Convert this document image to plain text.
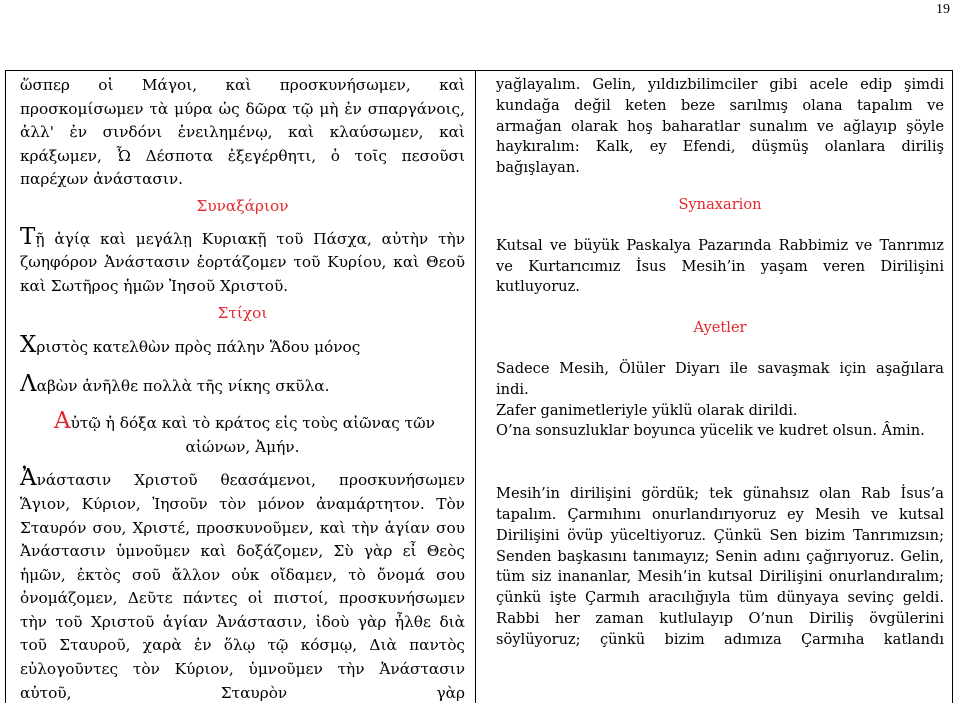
19

ὥσπερ οἱ Μάγοι, καὶ προσκυνήσωμεν, καὶ προσκομίσωμεν τὰ μύρα ὡς δῶρα τῷ μὴ ἐν σπαργάνοις, ἀλλ' ἐν σινδόνι ἐνειλημένῳ, καὶ κλαύσωμεν, καὶ κράξωμεν, Ὦ Δέσποτα ἐξεγέρθητι, ὁ τοῖς πεσοῦσι παρέχων ἀνάστασιν.

Συναξάριον

Τῇ ἁγίᾳ καὶ μεγάλῃ Κυριακῇ τοῦ Πάσχα, αὐτὴν τὴν ζωηφόρον Ἀνάστασιν ἑορτάζομεν τοῦ Κυρίου, καὶ Θεοῦ καὶ Σωτῆρος ἡμῶν Ἰησοῦ Χριστοῦ.

Στίχοι

Χριστὸς κατελθὼν πρὸς πάλην Ἅδου μόνος

Λαβὼν ἀνῆλθε πολλὰ τῆς νίκης σκῦλα.

Αὐτῷ ἡ δόξα καὶ τὸ κράτος εἰς τοὺς αἰῶνας τῶν

αἰώνων, Ἀμήν.

Ἀνάστασιν Χριστοῦ θεασάμενοι, προσκυνήσωμεν Ἅγιον, Κύριον, Ἰησοῦν τὸν μόνον ἀναμάρτητον. Τὸν Σταυρόν σου, Χριστέ, προσκυνοῦμεν, καὶ τὴν ἁγίαν σου Ἀνάστασιν ὑμνοῦμεν καὶ δοξάζομεν, Σὺ γὰρ εἶ Θεὸς ἡμῶν, ἐκτὸς σοῦ ἄλλον οὐκ οἴδαμεν, τὸ ὄνομά σου ὀνομάζομεν, Δεῦτε πάντες οἱ πιστοί, προσκυνήσωμεν τὴν τοῦ Χριστοῦ ἁγίαν Ἀνάστασιν, ἰδοὺ γὰρ ἦλθε διὰ τοῦ Σταυροῦ, χαρὰ ἐν ὅλῳ τῷ κόσμῳ, Διὰ παντὸς εὐλογοῦντες τὸν Κύριον, ὑμνοῦμεν τὴν Ἀνάστασιν αὐτοῦ, Σταυρὸν γὰρ

yağlayalım. Gelin, yıldızbilimciler gibi acele edip şimdi kundağa değil keten beze sarılmış olana tapalım ve armağan olarak hoş baharatlar sunalım ve ağlayıp şöyle haykıralım: Kalk, ey Efendi, düşmüş olanlara diriliş bağışlayan.

Synaxarion

Kutsal ve büyük Paskalya Pazarında Rabbimiz ve Tanrımız ve Kurtarıcımız İsus Mesih’in yaşam veren Dirilişini kutluyoruz.

Ayetler

Sadece Mesih, Ölüler Diyarı ile savaşmak için aşağılara indi.

Zafer ganimetleriyle yüklü olarak dirildi.

O’na sonsuzluklar boyunca yücelik ve kudret olsun. Âmin.

Mesih’in dirilişini gördük; tek günahsız olan Rab İsus’a tapalım. Çarmıhını onurlandırıyoruz ey Mesih ve kutsal Dirilişini övüp yüceltiyoruz. Çünkü Sen bizim Tanrımızsın; Senden başkasını tanımayız; Senin adını çağırıyoruz. Gelin, tüm siz inananlar, Mesih’in kutsal Dirilişini onurlandıralım; çünkü işte Çarmıh aracılığıyla tüm dünyaya sevinç geldi. Rabbi her zaman kutlulayıp O’nun Diriliş övgülerini söylüyoruz; çünkü bizim adımıza Çarmıha katlandı
